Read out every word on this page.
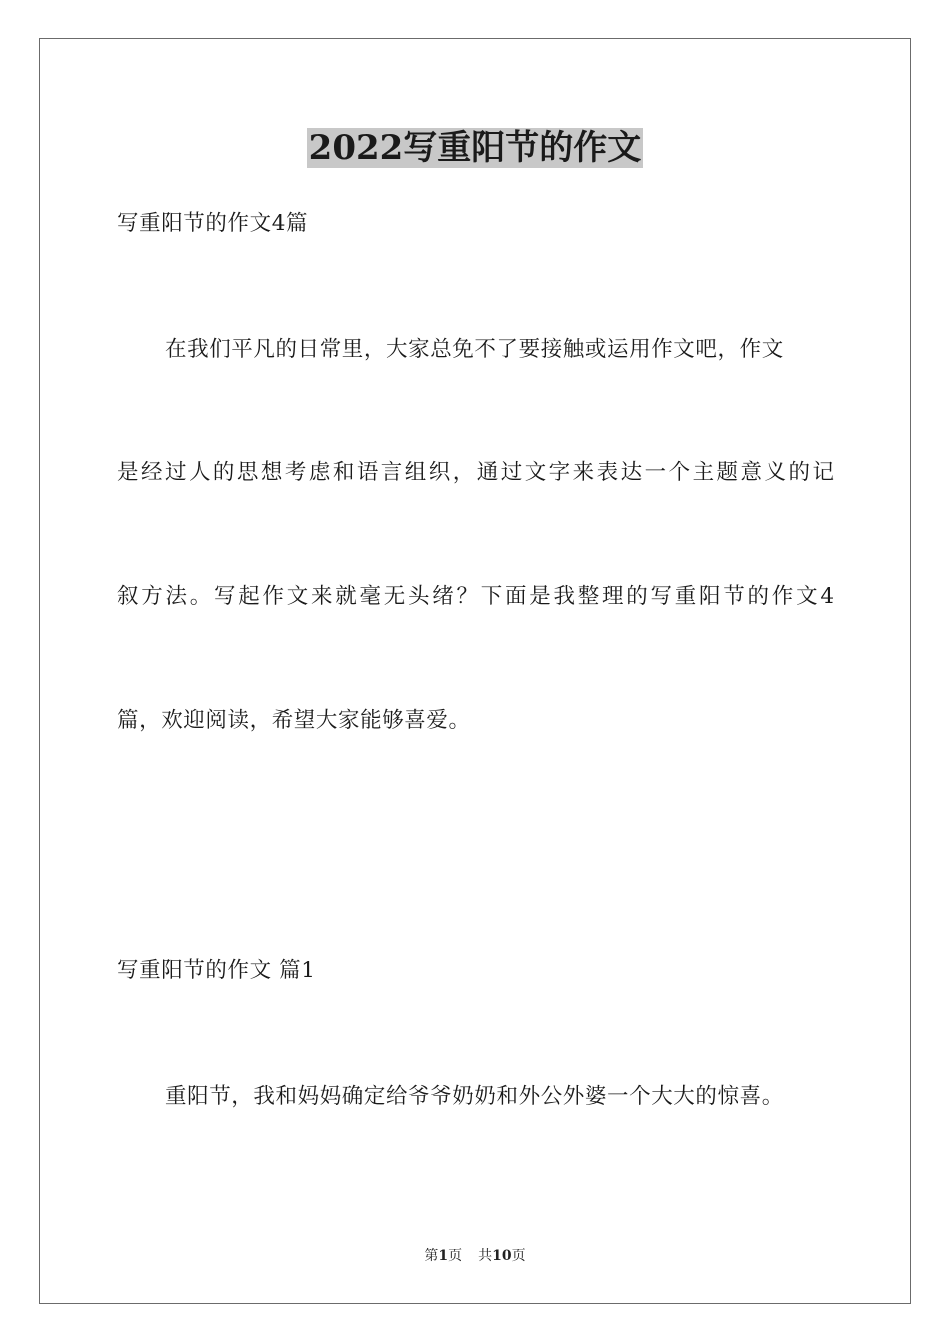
2022写重阳节的作文
写重阳节的作文4篇
在我们平凡的日常里，大家总免不了要接触或运用作文吧，作文
是经过人的思想考虑和语言组织，通过文字来表达一个主题意义的记
叙方法。写起作文来就毫无头绪？下面是我整理的写重阳节的作文4
篇，欢迎阅读，希望大家能够喜爱。
写重阳节的作文 篇1
重阳节，我和妈妈确定给爷爷奶奶和外公外婆一个大大的惊喜。
第1页 共10页
